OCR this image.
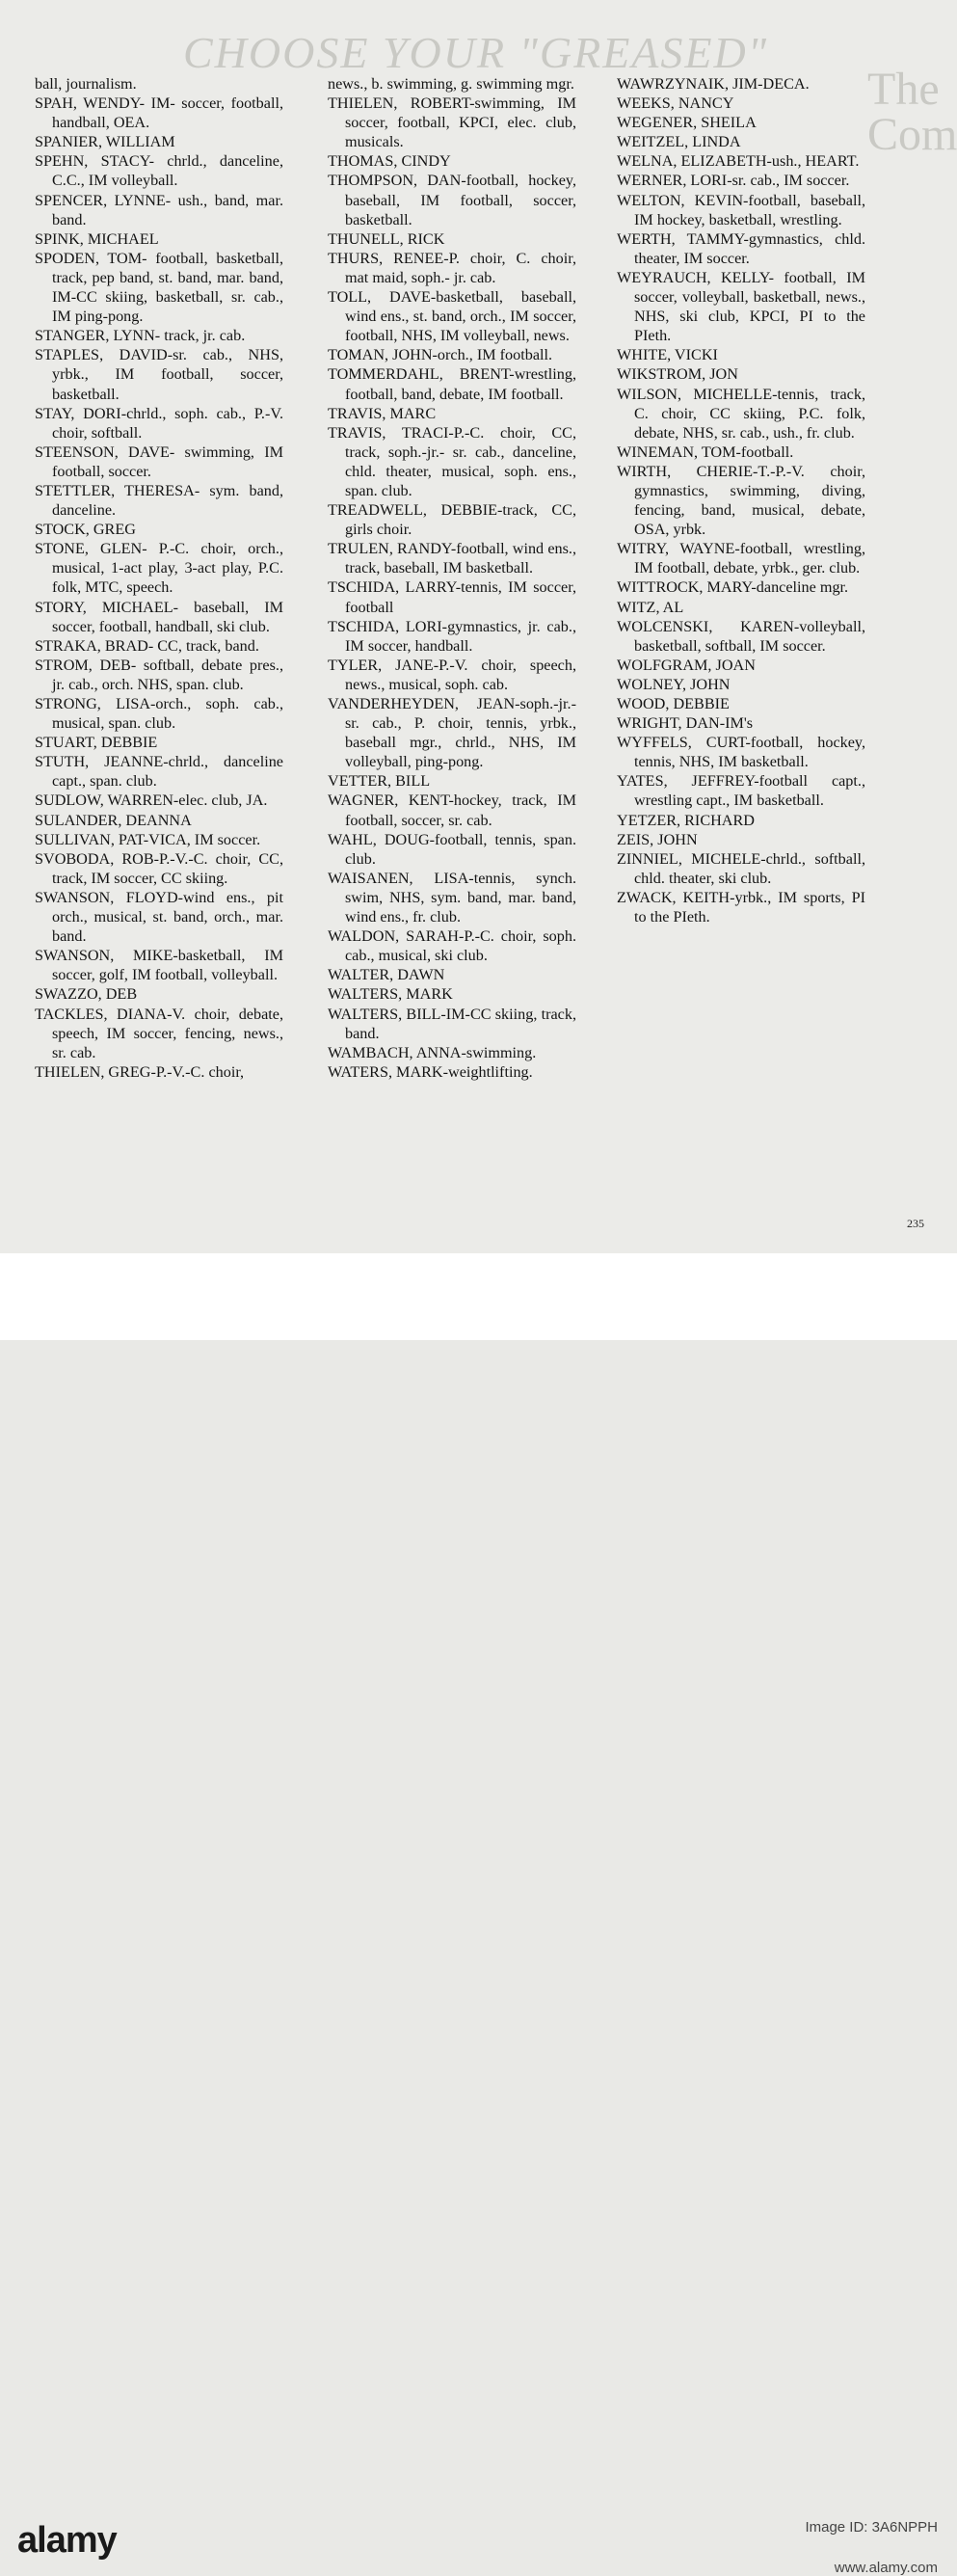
CHOOSE YOUR "GREASED"
The
Com

ball, journalism.

SPAH, WENDY- IM- soccer, football, handball, OEA.

SPANIER, WILLIAM

SPEHN, STACY- chrld., danceline, C.C., IM volleyball.

SPENCER, LYNNE- ush., band, mar. band.

SPINK, MICHAEL

SPODEN, TOM- football, basketball, track, pep band, st. band, mar. band, IM-CC skiing, basketball, sr. cab., IM ping-pong.

STANGER, LYNN- track, jr. cab.

STAPLES, DAVID-sr. cab., NHS, yrbk., IM football, soccer, basketball.

STAY, DORI-chrld., soph. cab., P.-V. choir, softball.

STEENSON, DAVE- swimming, IM football, soccer.

STETTLER, THERESA- sym. band, danceline.

STOCK, GREG

STONE, GLEN- P.-C. choir, orch., musical, 1-act play, 3-act play, P.C. folk, MTC, speech.

STORY, MICHAEL- baseball, IM soccer, football, handball, ski club.

STRAKA, BRAD- CC, track, band.

STROM, DEB- softball, debate pres., jr. cab., orch. NHS, span. club.

STRONG, LISA-orch., soph. cab., musical, span. club.

STUART, DEBBIE

STUTH, JEANNE-chrld., danceline capt., span. club.

SUDLOW, WARREN-elec. club, JA.

SULANDER, DEANNA

SULLIVAN, PAT-VICA, IM soccer.

SVOBODA, ROB-P.-V.-C. choir, CC, track, IM soccer, CC skiing.

SWANSON, FLOYD-wind ens., pit orch., musical, st. band, orch., mar. band.

SWANSON, MIKE-basketball, IM soccer, golf, IM football, volleyball.

SWAZZO, DEB

TACKLES, DIANA-V. choir, debate, speech, IM soccer, fencing, news., sr. cab.

THIELEN, GREG-P.-V.-C. choir,

news., b. swimming, g. swimming mgr.

THIELEN, ROBERT-swimming, IM soccer, football, KPCI, elec. club, musicals.

THOMAS, CINDY

THOMPSON, DAN-football, hockey, baseball, IM football, soccer, basketball.

THUNELL, RICK

THURS, RENEE-P. choir, C. choir, mat maid, soph.- jr. cab.

TOLL, DAVE-basketball, baseball, wind ens., st. band, orch., IM soccer, football, NHS, IM volleyball, news.

TOMAN, JOHN-orch., IM football.

TOMMERDAHL, BRENT-wrestling, football, band, debate, IM football.

TRAVIS, MARC

TRAVIS, TRACI-P.-C. choir, CC, track, soph.-jr.- sr. cab., danceline, chld. theater, musical, soph. ens., span. club.

TREADWELL, DEBBIE-track, CC, girls choir.

TRULEN, RANDY-football, wind ens., track, baseball, IM basketball.

TSCHIDA, LARRY-tennis, IM soccer, football

TSCHIDA, LORI-gymnastics, jr. cab., IM soccer, handball.

TYLER, JANE-P.-V. choir, speech, news., musical, soph. cab.

VANDERHEYDEN, JEAN-soph.-jr.-sr. cab., P. choir, tennis, yrbk., baseball mgr., chrld., NHS, IM volleyball, ping-pong.

VETTER, BILL

WAGNER, KENT-hockey, track, IM football, soccer, sr. cab.

WAHL, DOUG-football, tennis, span. club.

WAISANEN, LISA-tennis, synch. swim, NHS, sym. band, mar. band, wind ens., fr. club.

WALDON, SARAH-P.-C. choir, soph. cab., musical, ski club.

WALTER, DAWN

WALTERS, MARK

WALTERS, BILL-IM-CC skiing, track, band.

WAMBACH, ANNA-swimming.

WATERS, MARK-weightlifting.

WAWRZYNAIK, JIM-DECA.

WEEKS, NANCY

WEGENER, SHEILA

WEITZEL, LINDA

WELNA, ELIZABETH-ush., HEART.

WERNER, LORI-sr. cab., IM soccer.

WELTON, KEVIN-football, baseball, IM hockey, basketball, wrestling.

WERTH, TAMMY-gymnastics, chld. theater, IM soccer.

WEYRAUCH, KELLY- football, IM soccer, volleyball, basketball, news., NHS, ski club, KPCI, PI to the PIeth.

WHITE, VICKI

WIKSTROM, JON

WILSON, MICHELLE-tennis, track, C. choir, CC skiing, P.C. folk, debate, NHS, sr. cab., ush., fr. club.

WINEMAN, TOM-football.

WIRTH, CHERIE-T.-P.-V. choir, gymnastics, swimming, diving, fencing, band, musical, debate, OSA, yrbk.

WITRY, WAYNE-football, wrestling, IM football, debate, yrbk., ger. club.

WITTROCK, MARY-danceline mgr.

WITZ, AL

WOLCENSKI, KAREN-volleyball, basketball, softball, IM soccer.

WOLFGRAM, JOAN

WOLNEY, JOHN

WOOD, DEBBIE

WRIGHT, DAN-IM's

WYFFELS, CURT-football, hockey, tennis, NHS, IM basketball.

YATES, JEFFREY-football capt., wrestling capt., IM basketball.

YETZER, RICHARD

ZEIS, JOHN

ZINNIEL, MICHELE-chrld., softball, chld. theater, ski club.

ZWACK, KEITH-yrbk., IM sports, PI to the PIeth.

235
alamy	Image ID: 3A6NPPH
www.alamy.com
